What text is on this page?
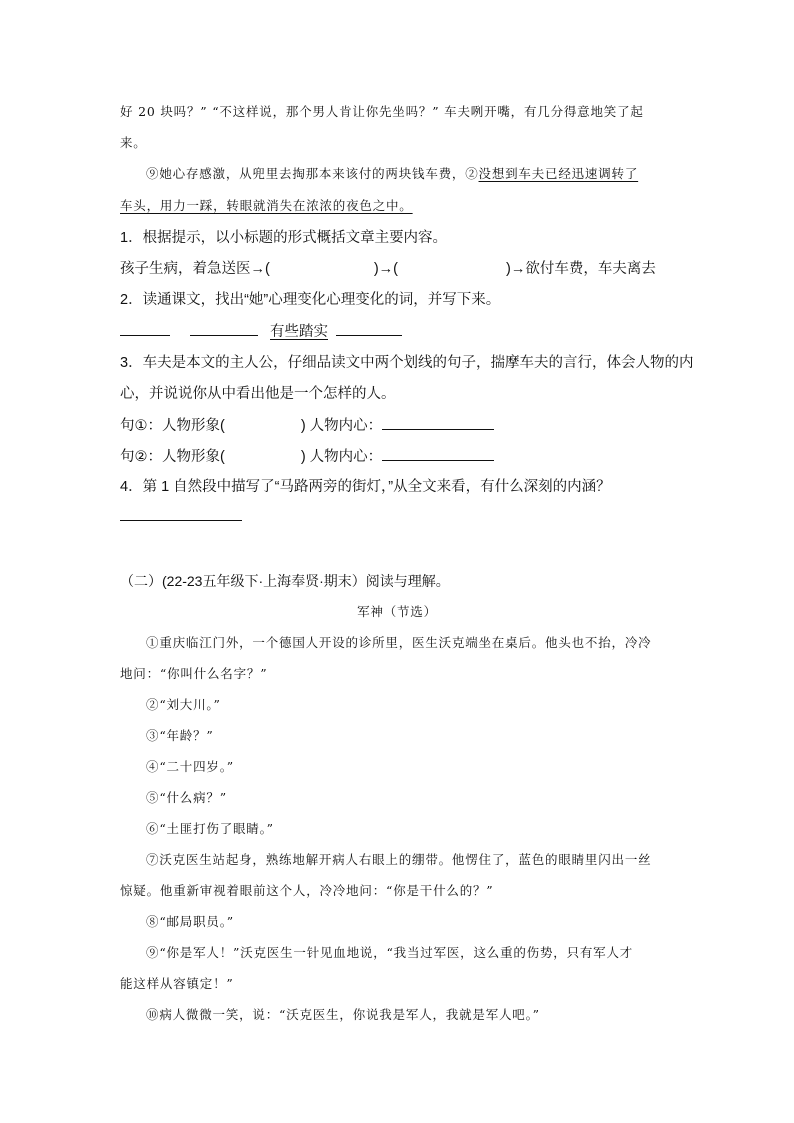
好 20 块吗？” “不这样说，那个男人肯让你先坐吗？” 车夫咧开嘴，有几分得意地笑了起
来。
⑨她心存感激，从兜里去掏那本来该付的两块钱车费，②没想到车夫已经迅速调转了
车头，用力一踩，转眼就消失在浓浓的夜色之中。
1．根据提示，以小标题的形式概括文章主要内容。
孩子生病，着急送医→(	)→(	)→欲付车费，车夫离去
2．读通课文，找出“她”心理变化心理变化的词，并写下来。
有些踏实
3．车夫是本文的主人公，仔细品读文中两个划线的句子，揣摩车夫的言行，体会人物的内
心，并说说你从中看出他是一个怎样的人。
句①：人物形象(	) 人物内心：
句②：人物形象(	) 人物内心：
4．第 1 自然段中描写了“马路两旁的街灯，”从全文来看，有什么深刻的内涵？
（二）(22-23五年级下·上海奉贤·期末）阅读与理解。
军神（节选）
①重庆临江门外，一个德国人开设的诊所里，医生沃克端坐在桌后。他头也不抬，冷冷
地问：“你叫什么名字？”
②“刘大川。”
③“年龄？”
④“二十四岁。”
⑤“什么病？”
⑥“土匪打伤了眼睛。”
⑦沃克医生站起身，熟练地解开病人右眼上的绷带。他愣住了，蓝色的眼睛里闪出一丝
惊疑。他重新审视着眼前这个人，冷冷地问：“你是干什么的？”
⑧“邮局职员。”
⑨“你是军人！”沃克医生一针见血地说，“我当过军医，这么重的伤势，只有军人才
能这样从容镇定！”
⑩病人微微一笑，说：“沃克医生，你说我是军人，我就是军人吧。”
